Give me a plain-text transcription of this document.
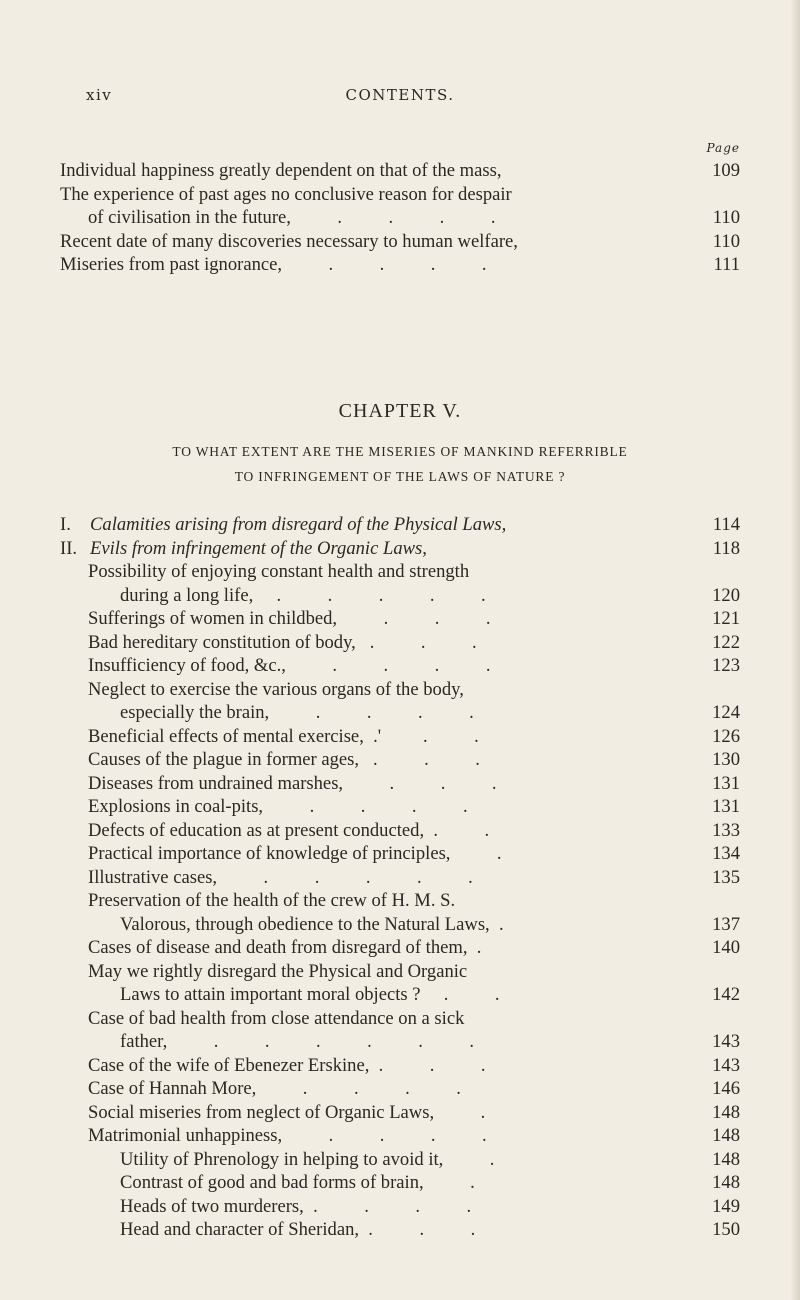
xiv	CONTENTS.
Page
Individual happiness greatly dependent on that of the mass,	109
The experience of past ages no conclusive reason for despair
of civilisation in the future,          .          .          .          .	110
Recent date of many discoveries necessary to human welfare,	110
Miseries from past ignorance,          .          .          .          .	111
CHAPTER V.
TO WHAT EXTENT ARE THE MISERIES OF MANKIND REFERRIBLE
TO INFRINGEMENT OF THE LAWS OF NATURE ?
I. Calamities arising from disregard of the Physical Laws,	114
II. Evils from infringement of the Organic Laws,	118
Possibility of enjoying constant health and strength
during a long life,     .          .          .          .          .	120
Sufferings of women in childbed,          .          .          .	121
Bad hereditary constitution of body,   .          .          .	122
Insufficiency of food, &c.,          .          .          .          .	123
Neglect to exercise the various organs of the body,
especially the brain,          .          .          .          .	124
Beneficial effects of mental exercise,  .'         .          .	126
Causes of the plague in former ages,   .          .          .	130
Diseases from undrained marshes,          .          .          .	131
Explosions in coal-pits,          .          .          .          .	131
Defects of education as at present conducted,  .          .	133
Practical importance of knowledge of principles,          .	134
Illustrative cases,          .          .          .          .          .	135
Preservation of the health of the crew of H. M. S.
Valorous, through obedience to the Natural Laws,  .	137
Cases of disease and death from disregard of them,  .	140
May we rightly disregard the Physical and Organic
Laws to attain important moral objects ?     .          .	142
Case of bad health from close attendance on a sick
father,          .          .          .          .          .          .	143
Case of the wife of Ebenezer Erskine,  .          .          .	143
Case of Hannah More,          .          .          .          .	146
Social miseries from neglect of Organic Laws,          .	148
Matrimonial unhappiness,          .          .          .          .	148
Utility of Phrenology in helping to avoid it,          .	148
Contrast of good and bad forms of brain,          .	148
Heads of two murderers,  .          .          .          .	149
Head and character of Sheridan,  .          .          .	150
